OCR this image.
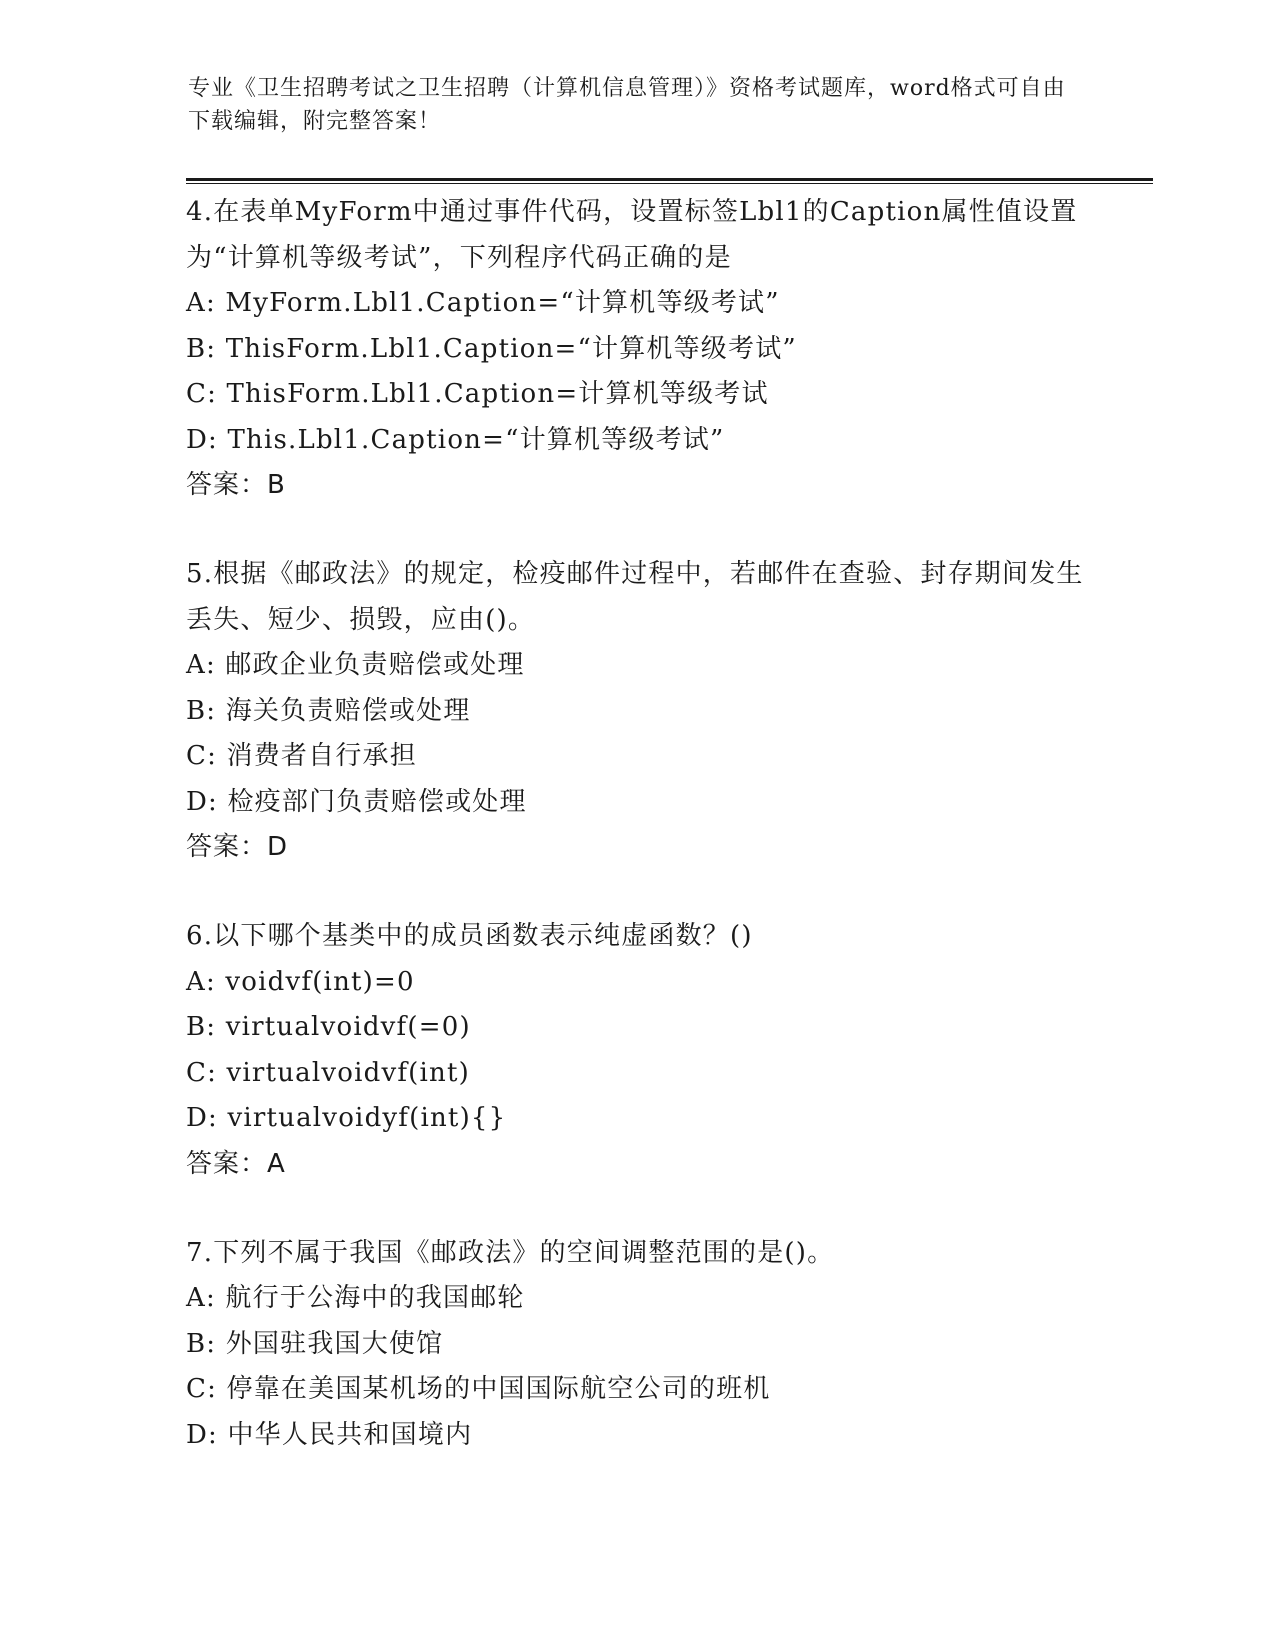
专业《卫生招聘考试之卫生招聘（计算机信息管理）》资格考试题库，word格式可自由下载编辑，附完整答案！

4.在表单MyForm中通过事件代码，设置标签Lbl1的Caption属性值设置为“计算机等级考试”，下列程序代码正确的是

A: MyForm.Lbl1.Caption=“计算机等级考试”

B: ThisForm.Lbl1.Caption=“计算机等级考试”

C: ThisForm.Lbl1.Caption=计算机等级考试

D: This.Lbl1.Caption=“计算机等级考试”

答案：B

5.根据《邮政法》的规定，检疫邮件过程中，若邮件在查验、封存期间发生丢失、短少、损毁，应由()。

A: 邮政企业负责赔偿或处理

B: 海关负责赔偿或处理

C: 消费者自行承担

D: 检疫部门负责赔偿或处理

答案：D

6.以下哪个基类中的成员函数表示纯虚函数？()

A: voidvf(int)=0

B: virtualvoidvf(=0)

C: virtualvoidvf(int)

D: virtualvoidyf(int){}

答案：A

7.下列不属于我国《邮政法》的空间调整范围的是()。

A: 航行于公海中的我国邮轮

B: 外国驻我国大使馆

C: 停靠在美国某机场的中国国际航空公司的班机

D: 中华人民共和国境内
